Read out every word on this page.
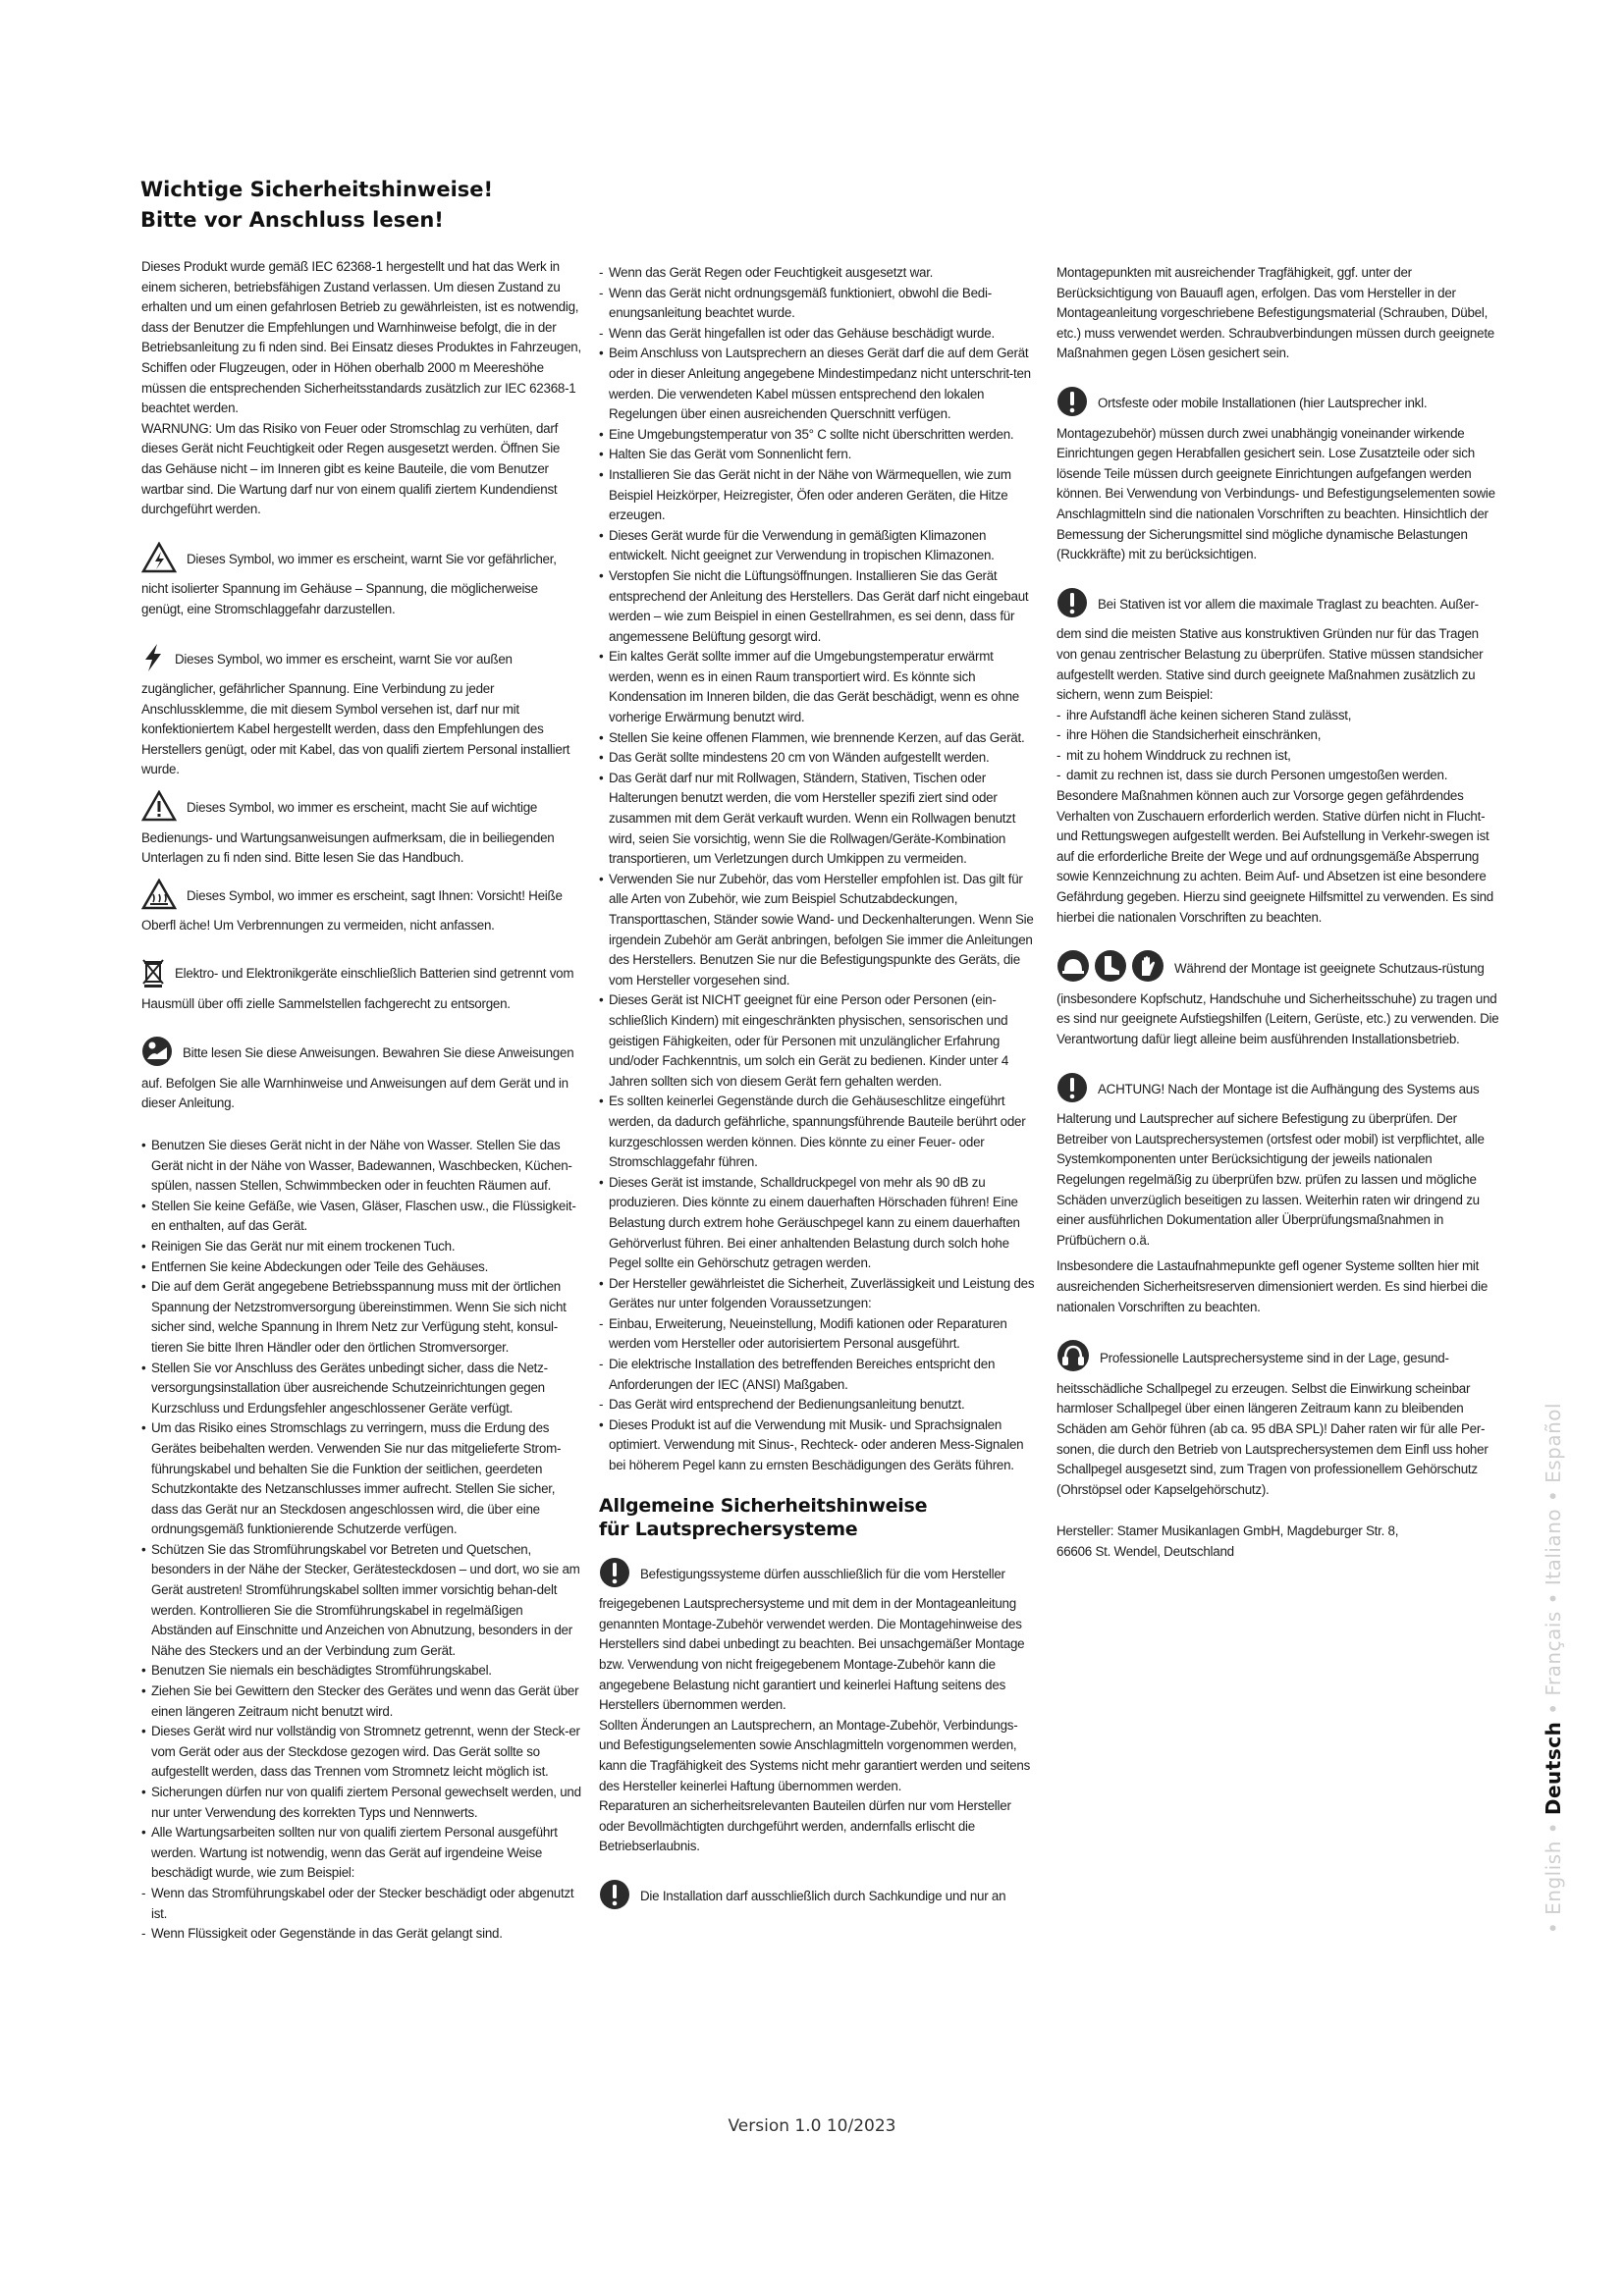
Wichtige Sicherheitshinweise!
Bitte vor Anschluss lesen!

Dieses Produkt wurde gemäß IEC 62368-1 hergestellt und hat das Werk in einem sicheren, betriebsfähigen Zustand verlassen. Um diesen Zustand zu erhalten und um einen gefahrlosen Betrieb zu gewährleisten, ist es notwendig, dass der Benutzer die Empfehlungen und Warnhinweise befolgt, die in der Betriebsanleitung zu fi nden sind. Bei Einsatz dieses Produktes in Fahrzeugen, Schiffen oder Flugzeugen, oder in Höhen oberhalb 2000 m Meereshöhe müssen die entsprechenden Sicherheitsstandards zusätzlich zur IEC 62368-1 beachtet werden.

WARNUNG: Um das Risiko von Feuer oder Stromschlag zu verhüten, darf dieses Gerät nicht Feuchtigkeit oder Regen ausgesetzt werden. Öffnen Sie das Gehäuse nicht – im Inneren gibt es keine Bauteile, die vom Benutzer wartbar sind. Die Wartung darf nur von einem qualifi ziertem Kundendienst durchgeführt werden.

Dieses Symbol, wo immer es erscheint, warnt Sie vor gefährlicher, nicht isolierter Spannung im Gehäuse – Spannung, die möglicherweise genügt, eine Stromschlaggefahr darzustellen.

Dieses Symbol, wo immer es erscheint, warnt Sie vor außen zugänglicher, gefährlicher Spannung. Eine Verbindung zu jeder Anschlussklemme, die mit diesem Symbol versehen ist, darf nur mit konfektioniertem Kabel hergestellt werden, dass den Empfehlungen des Herstellers genügt, oder mit Kabel, das von qualifi ziertem Personal installiert wurde.

Dieses Symbol, wo immer es erscheint, macht Sie auf wichtige Bedienungs- und Wartungsanweisungen aufmerksam, die in beiliegenden Unterlagen zu fi nden sind. Bitte lesen Sie das Handbuch.

Dieses Symbol, wo immer es erscheint, sagt Ihnen: Vorsicht! Heiße Oberfl äche! Um Verbrennungen zu vermeiden, nicht anfassen.

Elektro- und Elektronikgeräte einschließlich Batterien sind getrennt vom Hausmüll über offi zielle Sammelstellen fachgerecht zu entsorgen.

Bitte lesen Sie diese Anweisungen. Bewahren Sie diese Anweisungen auf. Befolgen Sie alle Warnhinweise und Anweisungen auf dem Gerät und in dieser Anleitung.

• Benutzen Sie dieses Gerät nicht in der Nähe von Wasser. Stellen Sie das Gerät nicht in der Nähe von Wasser, Badewannen, Waschbecken, Küchen-spülen, nassen Stellen, Schwimmbecken oder in feuchten Räumen auf.
• Stellen Sie keine Gefäße, wie Vasen, Gläser, Flaschen usw., die Flüssigkeit-en enthalten, auf das Gerät.
• Reinigen Sie das Gerät nur mit einem trockenen Tuch.
• Entfernen Sie keine Abdeckungen oder Teile des Gehäuses.
• Die auf dem Gerät angegebene Betriebsspannung muss mit der örtlichen Spannung der Netzstromversorgung übereinstimmen. Wenn Sie sich nicht sicher sind, welche Spannung in Ihrem Netz zur Verfügung steht, konsul-tieren Sie bitte Ihren Händler oder den örtlichen Stromversorger.
• Stellen Sie vor Anschluss des Gerätes unbedingt sicher, dass die Netz-versorgungsinstallation über ausreichende Schutzeinrichtungen gegen Kurzschluss und Erdungsfehler angeschlossener Geräte verfügt.
• Um das Risiko eines Stromschlags zu verringern, muss die Erdung des Gerätes beibehalten werden. Verwenden Sie nur das mitgelieferte Strom-führungskabel und behalten Sie die Funktion der seitlichen, geerdeten Schutzkontakte des Netzanschlusses immer aufrecht. Stellen Sie sicher, dass das Gerät nur an Steckdosen angeschlossen wird, die über eine ordnungsgemäß funktionierende Schutzerde verfügen.
• Schützen Sie das Stromführungskabel vor Betreten und Quetschen, besonders in der Nähe der Stecker, Gerätesteckdosen – und dort, wo sie am Gerät austreten! Stromführungskabel sollten immer vorsichtig behan-delt werden. Kontrollieren Sie die Stromführungskabel in regelmäßigen Abständen auf Einschnitte und Anzeichen von Abnutzung, besonders in der Nähe des Steckers und an der Verbindung zum Gerät.
• Benutzen Sie niemals ein beschädigtes Stromführungskabel.
• Ziehen Sie bei Gewittern den Stecker des Gerätes und wenn das Gerät über einen längeren Zeitraum nicht benutzt wird.
• Dieses Gerät wird nur vollständig von Stromnetz getrennt, wenn der Steck-er vom Gerät oder aus der Steckdose gezogen wird. Das Gerät sollte so aufgestellt werden, dass das Trennen vom Stromnetz leicht möglich ist.
• Sicherungen dürfen nur von qualifi ziertem Personal gewechselt werden, und nur unter Verwendung des korrekten Typs und Nennwerts.
• Alle Wartungsarbeiten sollten nur von qualifi ziertem Personal ausgeführt werden. Wartung ist notwendig, wenn das Gerät auf irgendeine Weise beschädigt wurde, wie zum Beispiel:
- Wenn das Stromführungskabel oder der Stecker beschädigt oder abgenutzt ist.
- Wenn Flüssigkeit oder Gegenstände in das Gerät gelangt sind.
- Wenn das Gerät Regen oder Feuchtigkeit ausgesetzt war.
- Wenn das Gerät nicht ordnungsgemäß funktioniert, obwohl die Bedi-enungsanleitung beachtet wurde.
- Wenn das Gerät hingefallen ist oder das Gehäuse beschädigt wurde.
• Beim Anschluss von Lautsprechern an dieses Gerät darf die auf dem Gerät oder in dieser Anleitung angegebene Mindestimpedanz nicht unterschrit-ten werden. Die verwendeten Kabel müssen entsprechend den lokalen Regelungen über einen ausreichenden Querschnitt verfügen.
• Eine Umgebungstemperatur von 35° C sollte nicht überschritten werden.
• Halten Sie das Gerät vom Sonnenlicht fern.
• Installieren Sie das Gerät nicht in der Nähe von Wärmequellen, wie zum Beispiel Heizkörper, Heizregister, Öfen oder anderen Geräten, die Hitze erzeugen.
• Dieses Gerät wurde für die Verwendung in gemäßigten Klimazonen entwickelt. Nicht geeignet zur Verwendung in tropischen Klimazonen.
• Verstopfen Sie nicht die Lüftungsöffnungen. Installieren Sie das Gerät entsprechend der Anleitung des Herstellers. Das Gerät darf nicht eingebaut werden – wie zum Beispiel in einen Gestellrahmen, es sei denn, dass für angemessene Belüftung gesorgt wird.
• Ein kaltes Gerät sollte immer auf die Umgebungstemperatur erwärmt werden, wenn es in einen Raum transportiert wird. Es könnte sich Kondensation im Inneren bilden, die das Gerät beschädigt, wenn es ohne vorherige Erwärmung benutzt wird.
• Stellen Sie keine offenen Flammen, wie brennende Kerzen, auf das Gerät.
• Das Gerät sollte mindestens 20 cm von Wänden aufgestellt werden.
• Das Gerät darf nur mit Rollwagen, Ständern, Stativen, Tischen oder Halterungen benutzt werden, die vom Hersteller spezifi ziert sind oder zusammen mit dem Gerät verkauft wurden. Wenn ein Rollwagen benutzt wird, seien Sie vorsichtig, wenn Sie die Rollwagen/Geräte-Kombination transportieren, um Verletzungen durch Umkippen zu vermeiden.
• Verwenden Sie nur Zubehör, das vom Hersteller empfohlen ist. Das gilt für alle Arten von Zubehör, wie zum Beispiel Schutzabdeckungen, Transporttaschen, Ständer sowie Wand- und Deckenhalterungen. Wenn Sie irgendein Zubehör am Gerät anbringen, befolgen Sie immer die Anleitungen des Herstellers. Benutzen Sie nur die Befestigungspunkte des Geräts, die vom Hersteller vorgesehen sind.
• Dieses Gerät ist NICHT geeignet für eine Person oder Personen (ein-schließlich Kindern) mit eingeschränkten physischen, sensorischen und geistigen Fähigkeiten, oder für Personen mit unzulänglicher Erfahrung und/oder Fachkenntnis, um solch ein Gerät zu bedienen. Kinder unter 4 Jahren sollten sich von diesem Gerät fern gehalten werden.
• Es sollten keinerlei Gegenstände durch die Gehäuseschlitze eingeführt werden, da dadurch gefährliche, spannungsführende Bauteile berührt oder kurzgeschlossen werden können. Dies könnte zu einer Feuer- oder Stromschlaggefahr führen.
• Dieses Gerät ist imstande, Schalldruckpegel von mehr als 90 dB zu produzieren. Dies könnte zu einem dauerhaften Hörschaden führen! Eine Belastung durch extrem hohe Geräuschpegel kann zu einem dauerhaften Gehörverlust führen. Bei einer anhaltenden Belastung durch solch hohe Pegel sollte ein Gehörschutz getragen werden.
• Der Hersteller gewährleistet die Sicherheit, Zuverlässigkeit und Leistung des Gerätes nur unter folgenden Voraussetzungen:
- Einbau, Erweiterung, Neueinstellung, Modifi kationen oder Reparaturen werden vom Hersteller oder autorisiertem Personal ausgeführt.
- Die elektrische Installation des betreffenden Bereiches entspricht den Anforderungen der IEC (ANSI) Maßgaben.
- Das Gerät wird entsprechend der Bedienungsanleitung benutzt.
• Dieses Produkt ist auf die Verwendung mit Musik- und Sprachsignalen optimiert. Verwendung mit Sinus-, Rechteck- oder anderen Mess-Signalen bei höherem Pegel kann zu ernsten Beschädigungen des Geräts führen.
Allgemeine Sicherheitshinweise
für Lautsprechersysteme

Befestigungssysteme dürfen ausschließlich für die vom Hersteller freigegebenen Lautsprechersysteme und mit dem in der Montageanleitung genannten Montage-Zubehör verwendet werden. Die Montagehinweise des Herstellers sind dabei unbedingt zu beachten. Bei unsachgemäßer Montage bzw. Verwendung von nicht freigegebenem Montage-Zubehör kann die angegebene Belastung nicht garantiert und keinerlei Haftung seitens des Herstellers übernommen werden.

Sollten Änderungen an Lautsprechern, an Montage-Zubehör, Verbindungs- und Befestigungselementen sowie Anschlagmitteln vorgenommen werden, kann die Tragfähigkeit des Systems nicht mehr garantiert werden und seitens des Hersteller keinerlei Haftung übernommen werden.

Reparaturen an sicherheitsrelevanten Bauteilen dürfen nur vom Hersteller oder Bevollmächtigten durchgeführt werden, andernfalls erlischt die Betriebserlaubnis.

Die Installation darf ausschließlich durch Sachkundige und nur an

Montagepunkten mit ausreichender Tragfähigkeit, ggf. unter der Berücksichtigung von Bauaufl agen, erfolgen. Das vom Hersteller in der Montageanleitung vorgeschriebene Befestigungsmaterial (Schrauben, Dübel, etc.) muss verwendet werden. Schraubverbindungen müssen durch geeignete Maßnahmen gegen Lösen gesichert sein.

Ortsfeste oder mobile Installationen (hier Lautsprecher inkl. Montagezubehör) müssen durch zwei unabhängig voneinander wirkende Einrichtungen gegen Herabfallen gesichert sein. Lose Zusatzteile oder sich lösende Teile müssen durch geeignete Einrichtungen aufgefangen werden können. Bei Verwendung von Verbindungs- und Befestigungselementen sowie Anschlagmitteln sind die nationalen Vorschriften zu beachten. Hinsichtlich der Bemessung der Sicherungsmittel sind mögliche dynamische Belastungen (Ruckkräfte) mit zu berücksichtigen.

Bei Stativen ist vor allem die maximale Traglast zu beachten. Außer-dem sind die meisten Stative aus konstruktiven Gründen nur für das Tragen von genau zentrischer Belastung zu überprüfen. Stative müssen standsicher aufgestellt werden. Stative sind durch geeignete Maßnahmen zusätzlich zu sichern, wenn zum Beispiel:

- ihre Aufstandfl äche keinen sicheren Stand zulässt,
- ihre Höhen die Standsicherheit einschränken,
- mit zu hohem Winddruck zu rechnen ist,
- damit zu rechnen ist, dass sie durch Personen umgestoßen werden.

Besondere Maßnahmen können auch zur Vorsorge gegen gefährdendes Verhalten von Zuschauern erforderlich werden. Stative dürfen nicht in Flucht- und Rettungswegen aufgestellt werden. Bei Aufstellung in Verkehr-swegen ist auf die erforderliche Breite der Wege und auf ordnungsgemäße Absperrung sowie Kennzeichnung zu achten. Beim Auf- und Absetzen ist eine besondere Gefährdung gegeben. Hierzu sind geeignete Hilfsmittel zu verwenden. Es sind hierbei die nationalen Vorschriften zu beachten.

Während der Montage ist geeignete Schutzaus-rüstung (insbesondere Kopfschutz, Handschuhe und Sicherheitsschuhe) zu tragen und es sind nur geeignete Aufstiegshilfen (Leitern, Gerüste, etc.) zu verwenden. Die Verantwortung dafür liegt alleine beim ausführenden Installationsbetrieb.

ACHTUNG! Nach der Montage ist die Aufhängung des Systems aus Halterung und Lautsprecher auf sichere Befestigung zu überprüfen. Der Betreiber von Lautsprechersystemen (ortsfest oder mobil) ist verpflichtet, alle Systemkomponenten unter Berücksichtigung der jeweils nationalen Regelungen regelmäßig zu überprüfen bzw. prüfen zu lassen und mögliche Schäden unverzüglich beseitigen zu lassen. Weiterhin raten wir dringend zu einer ausführlichen Dokumentation aller Überprüfungsmaßnahmen in Prüfbüchern o.ä.

Insbesondere die Lastaufnahmepunkte gefl ogener Systeme sollten hier mit ausreichenden Sicherheitsreserven dimensioniert werden. Es sind hierbei die nationalen Vorschriften zu beachten.

Professionelle Lautsprechersysteme sind in der Lage, gesund-heitsschädliche Schallpegel zu erzeugen. Selbst die Einwirkung scheinbar harmloser Schallpegel über einen längeren Zeitraum kann zu bleibenden Schäden am Gehör führen (ab ca. 95 dBA SPL)! Daher raten wir für alle Per-sonen, die durch den Betrieb von Lautsprechersystemen dem Einfl uss hoher Schallpegel ausgesetzt sind, zum Tragen von professionellem Gehörschutz (Ohrstöpsel oder Kapselgehörschutz).

Hersteller: Stamer Musikanlagen GmbH, Magdeburger Str. 8,
66606 St. Wendel, Deutschland

Version 1.0 10/2023
• English • Deutsch • Français • Italiano • Español
